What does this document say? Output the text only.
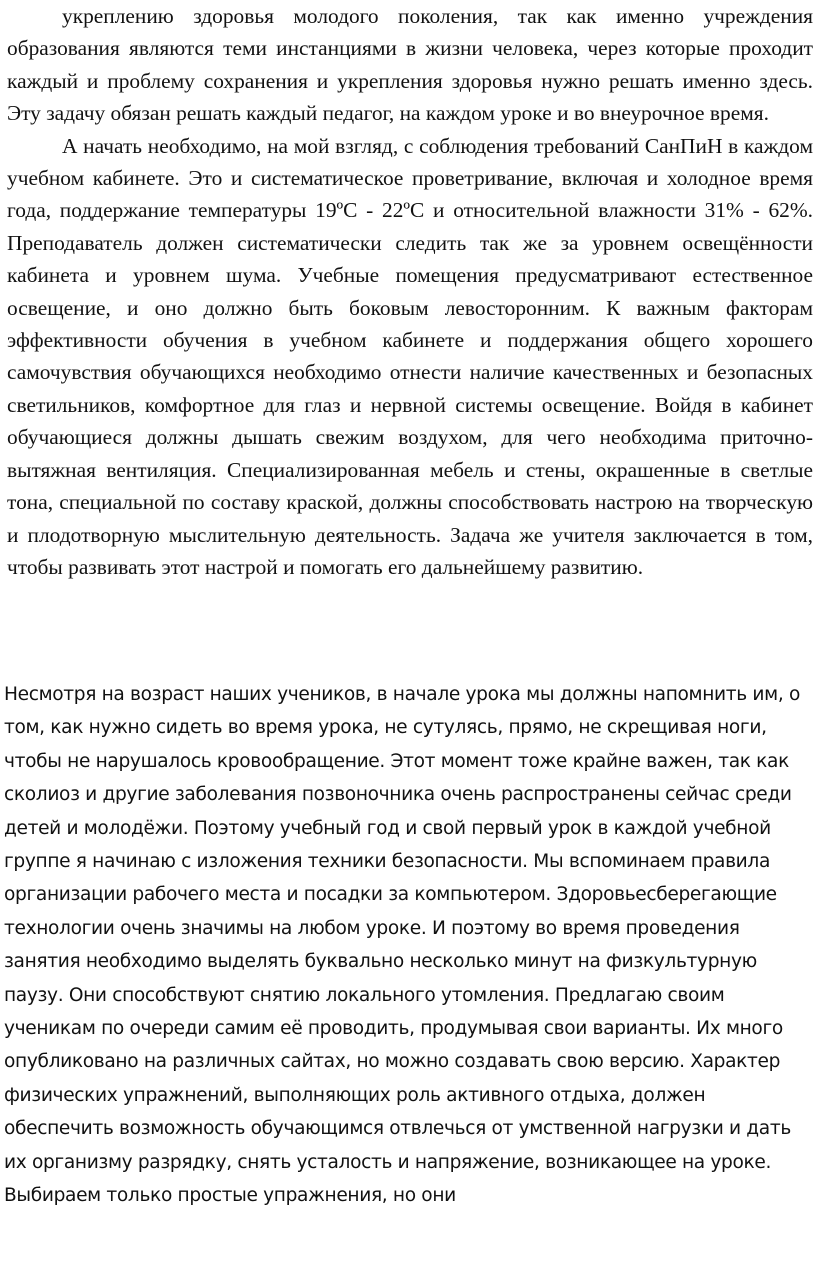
укреплению здоровья молодого поколения, так как именно учреждения образования являются теми инстанциями в жизни человека, через которые проходит каждый и проблему сохранения и укрепления здоровья нужно решать именно здесь. Эту задачу обязан решать каждый педагог, на каждом уроке и во внеурочное время.

А начать необходимо, на мой взгляд, с соблюдения требований СанПиН в каждом учебном кабинете. Это и систематическое проветривание, включая и холодное время года, поддержание температуры 19ºС - 22ºС и относительной влажности 31% - 62%. Преподаватель должен систематически следить так же за уровнем освещённости кабинета и уровнем шума. Учебные помещения предусматривают естественное освещение, и оно должно быть боковым левосторонним. К важным факторам эффективности обучения в учебном кабинете и поддержания общего хорошего самочувствия обучающихся необходимо отнести наличие качественных и безопасных светильников, комфортное для глаз и нервной системы освещение. Войдя в кабинет обучающиеся должны дышать свежим воздухом, для чего необходима приточно-вытяжная вентиляция. Специализированная мебель и стены, окрашенные в светлые тона, специальной по составу краской, должны способствовать настрою на творческую и плодотворную мыслительную деятельность. Задача же учителя заключается в том, чтобы развивать этот настрой и помогать его дальнейшему развитию.

Несмотря на возраст наших учеников, в начале урока мы должны напомнить им, о том, как нужно сидеть во время урока, не сутулясь, прямо, не скрещивая ноги, чтобы не нарушалось кровообращение. Этот момент тоже крайне важен, так как сколиоз и другие заболевания позвоночника очень распространены сейчас среди детей и молодёжи. Поэтому учебный год и свой первый урок в каждой учебной группе я начинаю с изложения техники безопасности. Мы вспоминаем правила организации рабочего места и посадки за компьютером. Здоровьесберегающие технологии очень значимы на любом уроке. И поэтому во время проведения занятия необходимо выделять буквально несколько минут на физкультурную паузу. Они способствуют снятию локального утомления. Предлагаю своим ученикам по очереди самим её проводить, продумывая свои варианты. Их много опубликовано на различных сайтах, но можно создавать свою версию. Характер физических упражнений, выполняющих роль активного отдыха, должен обеспечить возможность обучающимся отвлечься от умственной нагрузки и дать их организму разрядку, снять усталость и напряжение, возникающее на уроке. Выбираем только простые упражнения, но они
